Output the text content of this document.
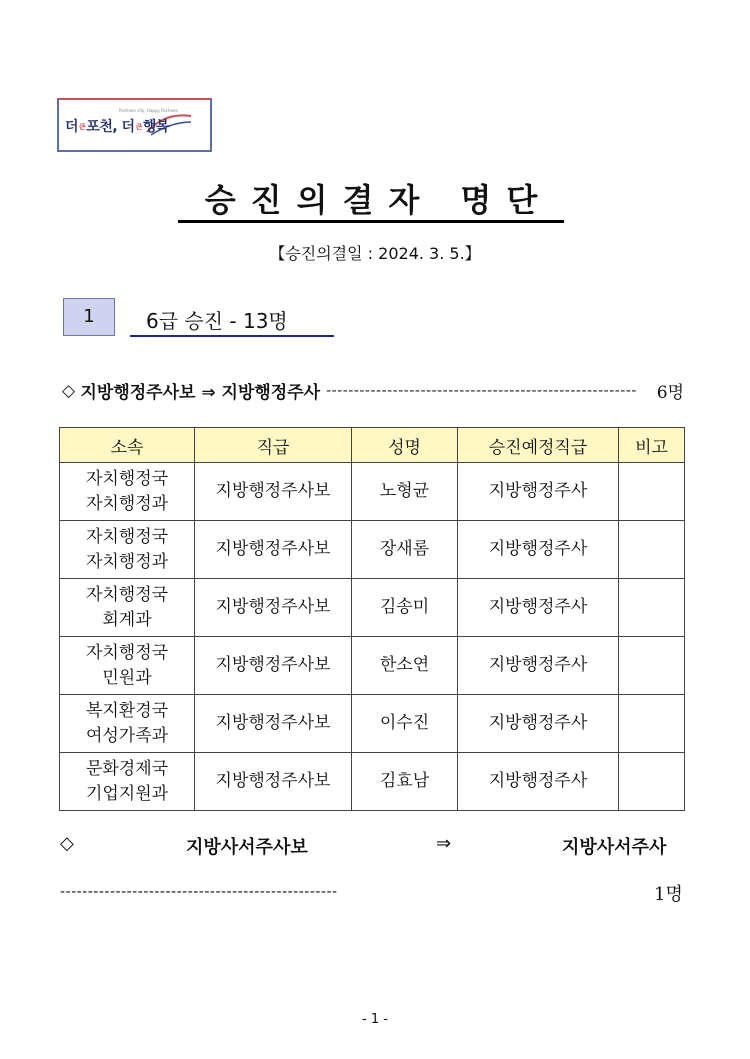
Pocheon city, Happy Pocheon
더큰포천, 더큰행복
승진의결자 명단
【승진의결일 : 2024. 3. 5.】
1	6급 승진 - 13명
◇
지방행정주사보 ⇒ 지방행정주사 --------------------------------------------------------	6명
소속	직급	성명	승진예정직급	비고
자치행정국
자치행정과	지방행정주사보	노형균	지방행정주사	
자치행정국
자치행정과	지방행정주사보	장새롬	지방행정주사	
자치행정국
회계과	지방행정주사보	김송미	지방행정주사	
자치행정국
민원과	지방행정주사보	한소연	지방행정주사	
복지환경국
여성가족과	지방행정주사보	이수진	지방행정주사	
문화경제국
기업지원과	지방행정주사보	김효남	지방행정주사	
◇	지방사서주사보	⇒	지방사서주사
--------------------------------------------------	1명
- 1 -
